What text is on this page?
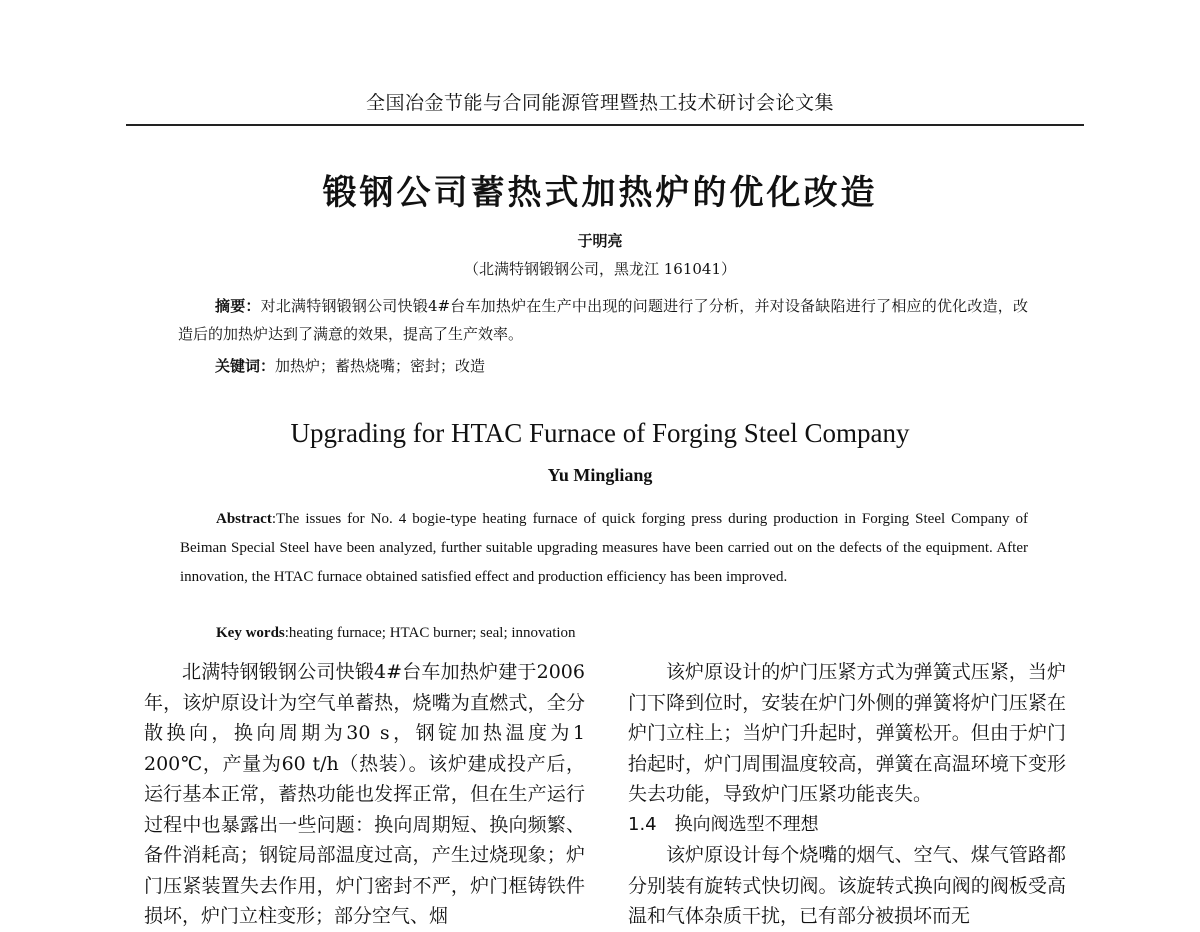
全国冶金节能与合同能源管理暨热工技术研讨会论文集
锻钢公司蓄热式加热炉的优化改造
于明亮
（北满特钢锻钢公司，黑龙江 161041）
摘要：对北满特钢锻钢公司快锻4#台车加热炉在生产中出现的问题进行了分析，并对设备缺陷进行了相应的优化改造，改造后的加热炉达到了满意的效果，提高了生产效率。
关键词：加热炉；蓄热烧嘴；密封；改造
Upgrading for HTAC Furnace of Forging Steel Company
Yu Mingliang
Abstract:The issues for No. 4 bogie-type heating furnace of quick forging press during production in Forging Steel Company of Beiman Special Steel have been analyzed, further suitable upgrading measures have been carried out on the defects of the equipment. After innovation, the HTAC furnace obtained satisfied effect and production efficiency has been improved.
Key words:heating furnace; HTAC burner; seal; innovation

北满特钢锻钢公司快锻4#台车加热炉建于2006年，该炉原设计为空气单蓄热，烧嘴为直燃式，全分散换向，换向周期为30 s，钢锭加热温度为1 200℃，产量为60 t/h（热装）。该炉建成投产后，运行基本正常，蓄热功能也发挥正常，但在生产运行过程中也暴露出一些问题：换向周期短、换向频繁、备件消耗高；钢锭局部温度过高，产生过烧现象；炉门压紧装置失去作用，炉门密封不严，炉门框铸铁件损坏，炉门立柱变形；部分空气、烟

该炉原设计的炉门压紧方式为弹簧式压紧，当炉门下降到位时，安装在炉门外侧的弹簧将炉门压紧在炉门立柱上；当炉门升起时，弹簧松开。但由于炉门抬起时，炉门周围温度较高，弹簧在高温环境下变形失去功能，导致炉门压紧功能丧失。

1.4　换向阀选型不理想

该炉原设计每个烧嘴的烟气、空气、煤气管路都分别装有旋转式快切阀。该旋转式换向阀的阀板受高温和气体杂质干扰，已有部分被损坏而无
